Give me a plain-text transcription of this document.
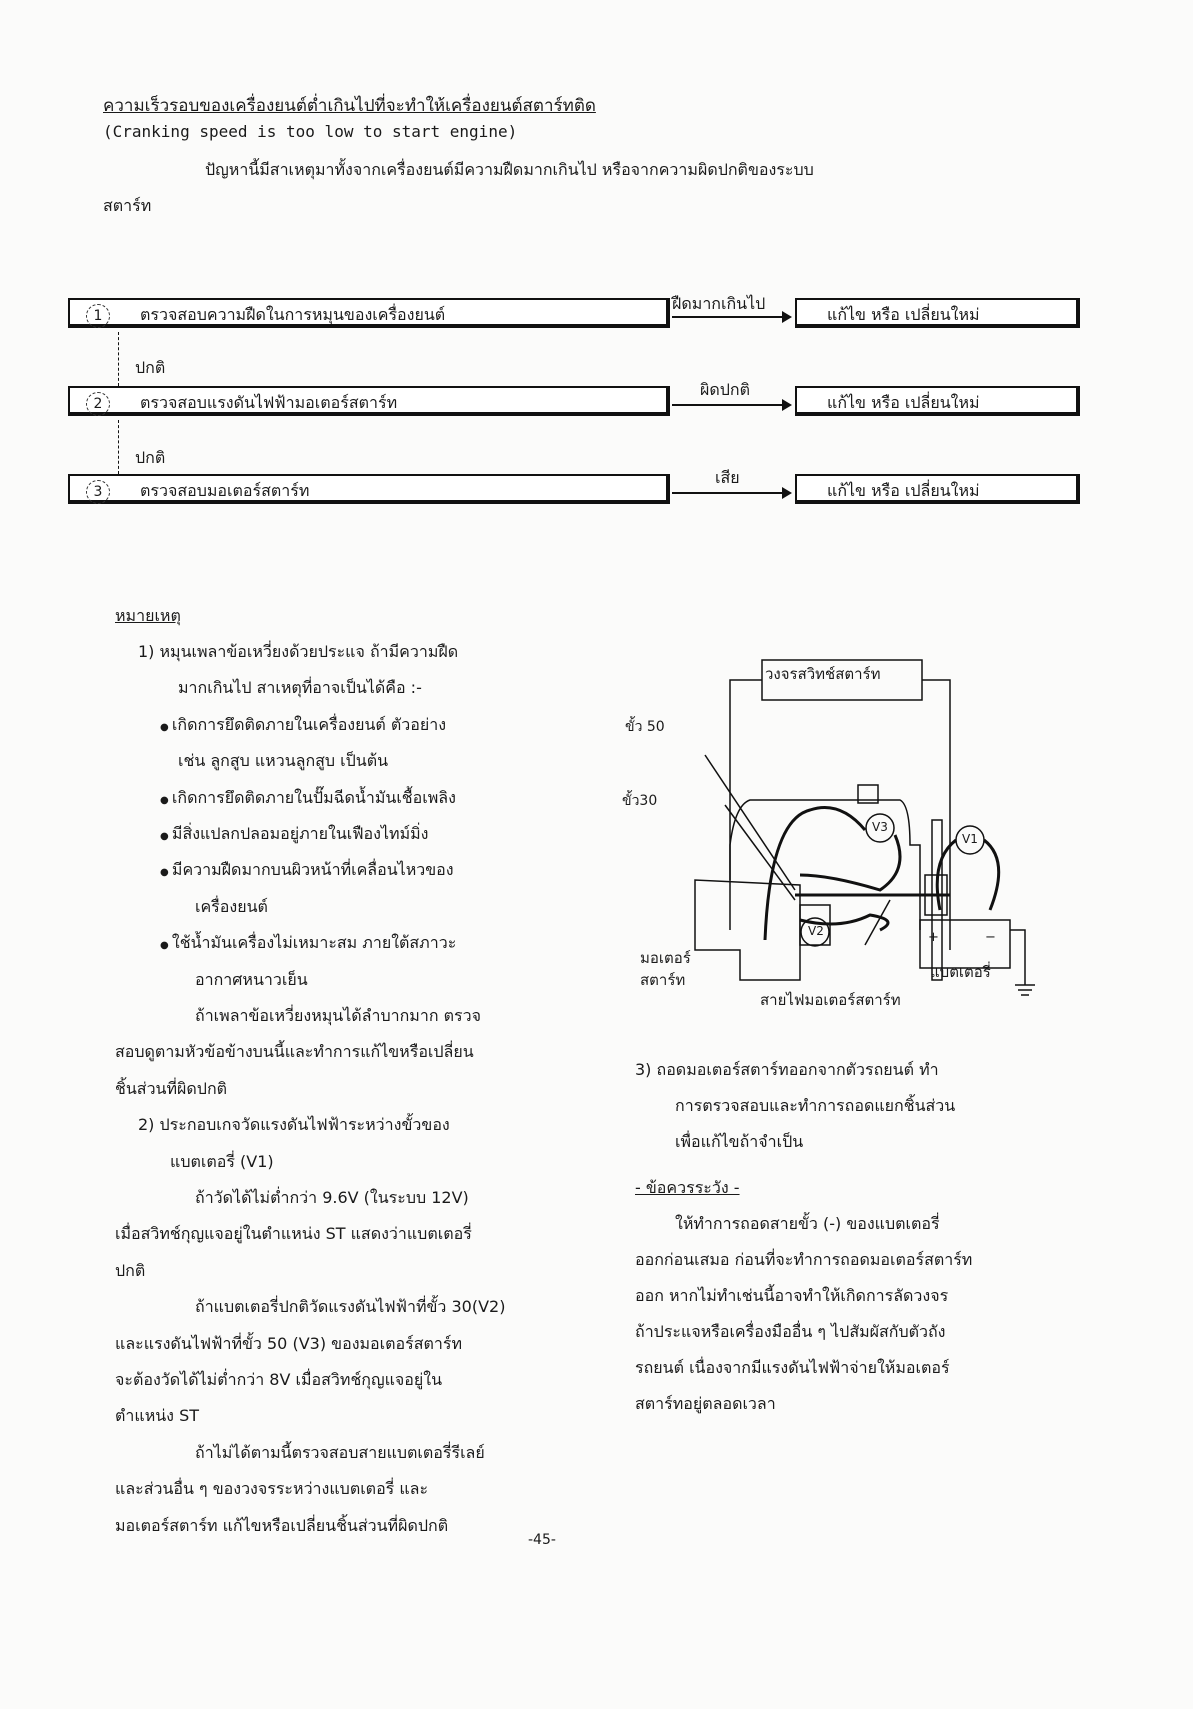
ความเร็วรอบของเครื่องยนต์ต่ำเกินไปที่จะทำให้เครื่องยนต์สตาร์ทติด
(Cranking speed is too low to start engine)
ปัญหานี้มีสาเหตุมาทั้งจากเครื่องยนต์มีความฝืดมากเกินไป หรือจากความผิดปกติของระบบ
สตาร์ท
1 ตรวจสอบความฝืดในการหมุนของเครื่องยนต์
ฝืดมากเกินไป
แก้ไข หรือ เปลี่ยนใหม่
ปกติ
2 ตรวจสอบแรงดันไฟฟ้ามอเตอร์สตาร์ท
ผิดปกติ
แก้ไข หรือ เปลี่ยนใหม่
ปกติ
3 ตรวจสอบมอเตอร์สตาร์ท
เสีย
แก้ไข หรือ เปลี่ยนใหม่
หมายเหตุ
1) หมุนเพลาข้อเหวี่ยงด้วยประแจ ถ้ามีความฝืด
มากเกินไป สาเหตุที่อาจเป็นได้คือ :-
● เกิดการยึดติดภายในเครื่องยนต์ ตัวอย่าง
เช่น ลูกสูบ แหวนลูกสูบ เป็นต้น
● เกิดการยึดติดภายในปั๊มฉีดน้ำมันเชื้อเพลิง
● มีสิ่งแปลกปลอมอยู่ภายในเฟืองไทม์มิ่ง
● มีความฝืดมากบนผิวหน้าที่เคลื่อนไหวของ
เครื่องยนต์
● ใช้น้ำมันเครื่องไม่เหมาะสม ภายใต้สภาวะ
อากาศหนาวเย็น
ถ้าเพลาข้อเหวี่ยงหมุนได้ลำบากมาก ตรวจ
สอบดูตามหัวข้อข้างบนนี้และทำการแก้ไขหรือเปลี่ยน
ชิ้นส่วนที่ผิดปกติ
2) ประกอบเกจวัดแรงดันไฟฟ้าระหว่างขั้วของ
แบตเตอรี่ (V1)
ถ้าวัดได้ไม่ต่ำกว่า 9.6V (ในระบบ 12V)
เมื่อสวิทช์กุญแจอยู่ในตำแหน่ง ST แสดงว่าแบตเตอรี่
ปกติ
ถ้าแบตเตอรี่ปกติวัดแรงดันไฟฟ้าที่ขั้ว 30(V2)
และแรงดันไฟฟ้าที่ขั้ว 50 (V3) ของมอเตอร์สตาร์ท
จะต้องวัดได้ไม่ต่ำกว่า 8V เมื่อสวิทช์กุญแจอยู่ใน
ตำแหน่ง ST
ถ้าไม่ได้ตามนี้ตรวจสอบสายแบตเตอรี่รีเลย์
และส่วนอื่น ๆ ของวงจรระหว่างแบตเตอรี่ และ
มอเตอร์สตาร์ท แก้ไขหรือเปลี่ยนชิ้นส่วนที่ผิดปกติ
วงจรสวิทช์สตาร์ท
ขั้ว 50
ขั้ว30
V3
V2
V1
+	−
มอเตอร์
สตาร์ท	แบตเตอรี่
สายไฟมอเตอร์สตาร์ท
3) ถอดมอเตอร์สตาร์ทออกจากตัวรถยนต์ ทำ
การตรวจสอบและทำการถอดแยกชิ้นส่วน
เพื่อแก้ไขถ้าจำเป็น
- ข้อควรระวัง -
ให้ทำการถอดสายขั้ว (-) ของแบตเตอรี่
ออกก่อนเสมอ ก่อนที่จะทำการถอดมอเตอร์สตาร์ท
ออก หากไม่ทำเช่นนี้อาจทำให้เกิดการลัดวงจร
ถ้าประแจหรือเครื่องมืออื่น ๆ ไปสัมผัสกับตัวถัง
รถยนต์ เนื่องจากมีแรงดันไฟฟ้าจ่ายให้มอเตอร์
สตาร์ทอยู่ตลอดเวลา
-45-
